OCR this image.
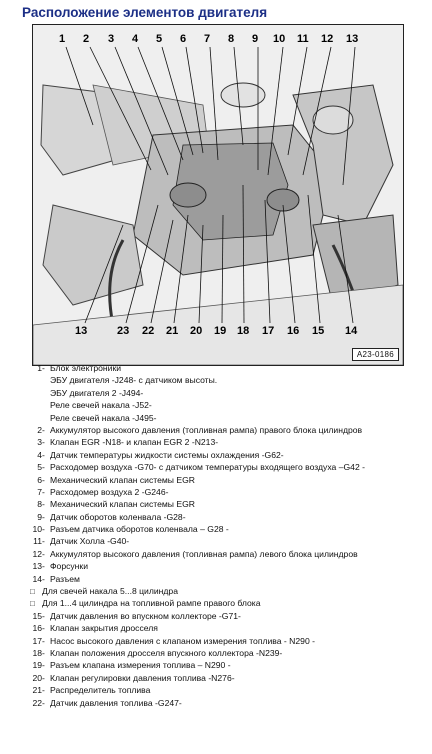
Расположение элементов двигателя
1 2 3 4 5 6 7 8 9 10 11 12 13
13	23 22 21 20 19 18 17 16 15 14
A23-0186
1- Блок электроники
ЭБУ двигателя -J248- с датчиком высоты.
ЭБУ двигателя 2 -J494-
Реле свечей накала -J52-
Реле свечей накала -J495-
2- Аккумулятор высокого давления (топливная рампа) правого блока цилиндров
3- Клапан EGR -N18- и клапан EGR 2 -N213-
4- Датчик температуры жидкости системы охлаждения -G62-
5- Расходомер воздуха -G70- с датчиком температуры входящего воздуха –G42 -
6- Механический клапан системы EGR
7- Расходомер воздуха 2 -G246-
8- Механический клапан системы EGR
9- Датчик оборотов коленвала -G28-
10- Разъем датчика оборотов коленвала – G28 -
11- Датчик Холла -G40-
12- Аккумулятор высокого давления (топливная рампа) левого блока цилиндров
13- Форсунки
14- Разъем
□ Для свечей накала 5...8 цилиндра
□ Для 1...4 цилиндра на топливной рампе правого блока
15- Датчик давления во впускном коллекторе -G71-
16- Клапан закрытия дросселя
17- Насос высокого давления с клапаном измерения топлива - N290 -
18- Клапан положения дросселя впускного коллектора -N239-
19- Разъем клапана измерения топлива – N290 -
20- Клапан регулировки давления топлива -N276-
21- Распределитель топлива
22- Датчик давления топлива -G247-
